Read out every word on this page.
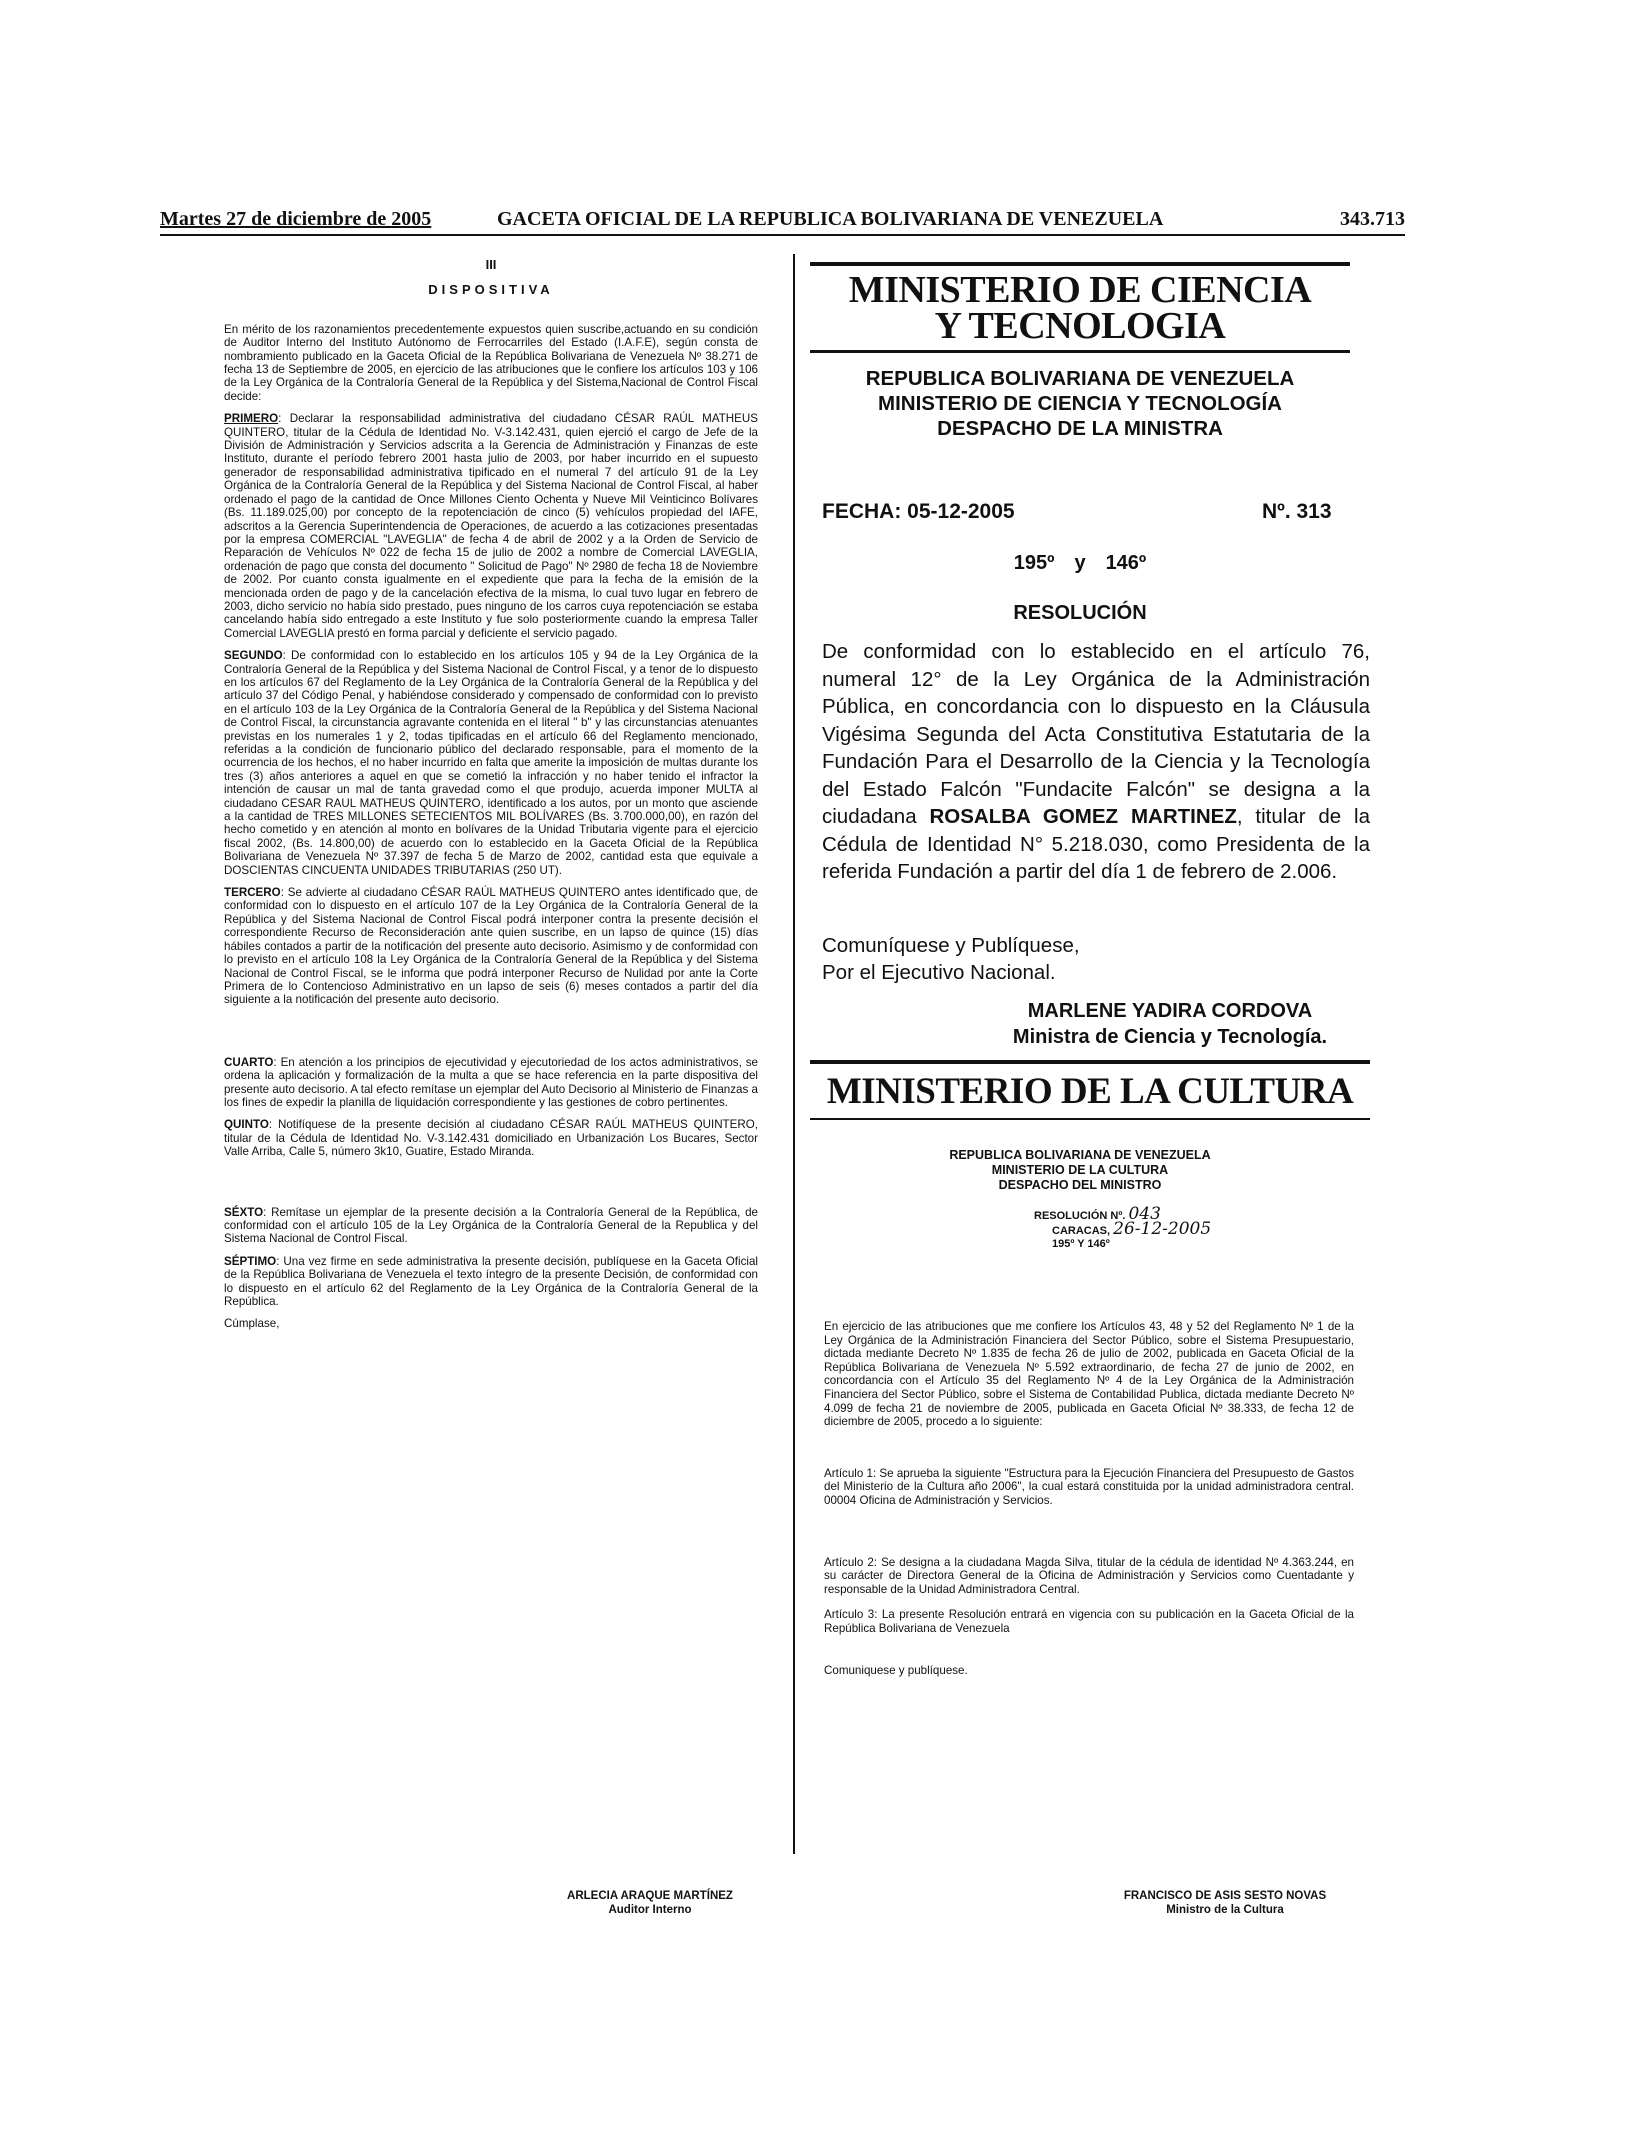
Martes 27 de diciembre de 2005	GACETA OFICIAL DE LA REPUBLICA BOLIVARIANA DE VENEZUELA	343.713

III

DISPOSITIVA

En mérito de los razonamientos precedentemente expuestos quien suscribe,actuando en su condición de Auditor Interno del Instituto Autónomo de Ferrocarriles del Estado (I.A.F.E), según consta de nombramiento publicado en la Gaceta Oficial de la República Bolivariana de Venezuela Nº 38.271 de fecha 13 de Septiembre de 2005, en ejercicio de las atribuciones que le confiere los artículos 103 y 106 de la Ley Orgánica de la Contraloría General de la República y del Sistema,Nacional de Control Fiscal decide:

PRIMERO: Declarar la responsabilidad administrativa del ciudadano CÉSAR RAÚL MATHEUS QUINTERO, titular de la Cédula de Identidad No. V-3.142.431, quien ejerció el cargo de Jefe de la División de Administración y Servicios adscrita a la Gerencia de Administración y Finanzas de este Instituto, durante el período febrero 2001 hasta julio de 2003, por haber incurrido en el supuesto generador de responsabilidad administrativa tipificado en el numeral 7 del artículo 91 de la Ley Orgánica de la Contraloría General de la República y del Sistema Nacional de Control Fiscal, al haber ordenado el pago de la cantidad de Once Millones Ciento Ochenta y Nueve Mil Veinticinco Bolívares (Bs. 11.189.025,00) por concepto de la repotenciación de cinco (5) vehículos propiedad del IAFE, adscritos a la Gerencia Superintendencia de Operaciones, de acuerdo a las cotizaciones presentadas por la empresa COMERCIAL "LAVEGLIA" de fecha 4 de abril de 2002 y a la Orden de Servicio de Reparación de Vehículos Nº 022 de fecha 15 de julio de 2002 a nombre de Comercial LAVEGLIA, ordenación de pago que consta del documento " Solicitud de Pago" Nº 2980 de fecha 18 de Noviembre de 2002. Por cuanto consta igualmente en el expediente que para la fecha de la emisión de la mencionada orden de pago y de la cancelación efectiva de la misma, lo cual tuvo lugar en febrero de 2003, dicho servicio no había sido prestado, pues ninguno de los carros cuya repotenciación se estaba cancelando había sido entregado a este Instituto y fue solo posteriormente cuando la empresa Taller Comercial LAVEGLIA prestó en forma parcial y deficiente el servicio pagado.

SEGUNDO: De conformidad con lo establecido en los artículos 105 y 94 de la Ley Orgánica de la Contraloría General de la República y del Sistema Nacional de Control Fiscal, y a tenor de lo dispuesto en los artículos 67 del Reglamento de la Ley Orgánica de la Contraloría General de la República y del artículo 37 del Código Penal, y habiéndose considerado y compensado de conformidad con lo previsto en el artículo 103 de la Ley Orgánica de la Contraloría General de la República y del Sistema Nacional de Control Fiscal, la circunstancia agravante contenida en el literal " b" y las circunstancias atenuantes previstas en los numerales 1 y 2, todas tipificadas en el artículo 66 del Reglamento mencionado, referidas a la condición de funcionario público del declarado responsable, para el momento de la ocurrencia de los hechos, el no haber incurrido en falta que amerite la imposición de multas durante los tres (3) años anteriores a aquel en que se cometió la infracción y no haber tenido el infractor la intención de causar un mal de tanta gravedad como el que produjo, acuerda imponer MULTA al ciudadano CESAR RAUL MATHEUS QUINTERO, identificado a los autos, por un monto que asciende a la cantidad de TRES MILLONES SETECIENTOS MIL BOLÍVARES (Bs. 3.700.000,00), en razón del hecho cometido y en atención al monto en bolívares de la Unidad Tributaria vigente para el ejercicio fiscal 2002, (Bs. 14.800,00) de acuerdo con lo establecido en la Gaceta Oficial de la República Bolivariana de Venezuela Nº 37.397 de fecha 5 de Marzo de 2002, cantidad esta que equivale a DOSCIENTAS CINCUENTA UNIDADES TRIBUTARIAS (250 UT).

TERCERO: Se advierte al ciudadano CÉSAR RAÚL MATHEUS QUINTERO antes identificado que, de conformidad con lo dispuesto en el artículo 107 de la Ley Orgánica de la Contraloría General de la República y del Sistema Nacional de Control Fiscal podrá interponer contra la presente decisión el correspondiente Recurso de Reconsideración ante quien suscribe, en un lapso de quince (15) días hábiles contados a partir de la notificación del presente auto decisorio. Asimismo y de conformidad con lo previsto en el artículo 108 la Ley Orgánica de la Contraloría General de la República y del Sistema Nacional de Control Fiscal, se le informa que podrá interponer Recurso de Nulidad por ante la Corte Primera de lo Contencioso Administrativo en un lapso de seis (6) meses contados a partir del día siguiente a la notificación del presente auto decisorio.

CUARTO: En atención a los principios de ejecutividad y ejecutoriedad de los actos administrativos, se ordena la aplicación y formalización de la multa a que se hace referencia en la parte dispositiva del presente auto decisorio. A tal efecto remítase un ejemplar del Auto Decisorio al Ministerio de Finanzas a los fines de expedir la planilla de liquidación correspondiente y las gestiones de cobro pertinentes.

QUINTO: Notifíquese de la presente decisión al ciudadano CÉSAR RAÚL MATHEUS QUINTERO, titular de la Cédula de Identidad No. V-3.142.431 domiciliado en Urbanización Los Bucares, Sector Valle Arriba, Calle 5, número 3k10, Guatire, Estado Miranda.

SÉXTO: Remítase un ejemplar de la presente decisión a la Contraloría General de la República, de conformidad con el artículo 105 de la Ley Orgánica de la Contraloría General de la Republica y del Sistema Nacional de Control Fiscal.

SÉPTIMO: Una vez firme en sede administrativa la presente decisión, publíquese en la Gaceta Oficial de la República Bolivariana de Venezuela el texto íntegro de la presente Decisión, de conformidad con lo dispuesto en el artículo 62 del Reglamento de la Ley Orgánica de la Contraloría General de la República.

Cúmplase,

ARLECIA ARAQUE MARTÍNEZ
Auditor Interno
MINISTERIO DE CIENCIA
Y TECNOLOGIA
REPUBLICA BOLIVARIANA DE VENEZUELA
MINISTERIO DE CIENCIA Y TECNOLOGÍA
DESPACHO DE LA MINISTRA
FECHA: 05-12-2005	Nº. 313
195º y 146º
RESOLUCIÓN
De conformidad con lo establecido en el artículo 76, numeral 12° de la Ley Orgánica de la Administración Pública, en concordancia con lo dispuesto en la Cláusula Vigésima Segunda del Acta Constitutiva Estatutaria de la Fundación Para el Desarrollo de la Ciencia y la Tecnología del Estado Falcón "Fundacite Falcón" se designa a la ciudadana ROSALBA GOMEZ MARTINEZ, titular de la Cédula de Identidad N° 5.218.030, como Presidenta de la referida Fundación a partir del día 1 de febrero de 2.006.
Comuníquese y Publíquese,
Por el Ejecutivo Nacional.
MARLENE YADIRA CORDOVA
Ministra de Ciencia y Tecnología.
MINISTERIO DE LA CULTURA
REPUBLICA BOLIVARIANA DE VENEZUELA
MINISTERIO DE LA CULTURA
DESPACHO DEL MINISTRO
RESOLUCIÓN Nº. 043
CARACAS, 26-12-2005
195º Y 146º

En ejercicio de las atribuciones que me confiere los Artículos 43, 48 y 52 del Reglamento Nº 1 de la Ley Orgánica de la Administración Financiera del Sector Público, sobre el Sistema Presupuestario, dictada mediante Decreto Nº 1.835 de fecha 26 de julio de 2002, publicada en Gaceta Oficial de la República Bolivariana de Venezuela Nº 5.592 extraordinario, de fecha 27 de junio de 2002, en concordancia con el Artículo 35 del Reglamento Nº 4 de la Ley Orgánica de la Administración Financiera del Sector Público, sobre el Sistema de Contabilidad Publica, dictada mediante Decreto Nº 4.099 de fecha 21 de noviembre de 2005, publicada en Gaceta Oficial Nº 38.333, de fecha 12 de diciembre de 2005, procedo a lo siguiente:

Artículo 1: Se aprueba la siguiente "Estructura para la Ejecución Financiera del Presupuesto de Gastos del Ministerio de la Cultura año 2006", la cual estará constituida por la unidad administradora central. 00004 Oficina de Administración y Servicios.

Artículo 2: Se designa a la ciudadana Magda Silva, titular de la cédula de identidad Nº 4.363.244, en su carácter de Directora General de la Oficina de Administración y Servicios como Cuentadante y responsable de la Unidad Administradora Central.

Artículo 3: La presente Resolución entrará en vigencia con su publicación en la Gaceta Oficial de la República Bolivariana de Venezuela

Comuniquese y publíquese.

FRANCISCO DE ASIS SESTO NOVAS
Ministro de la Cultura
